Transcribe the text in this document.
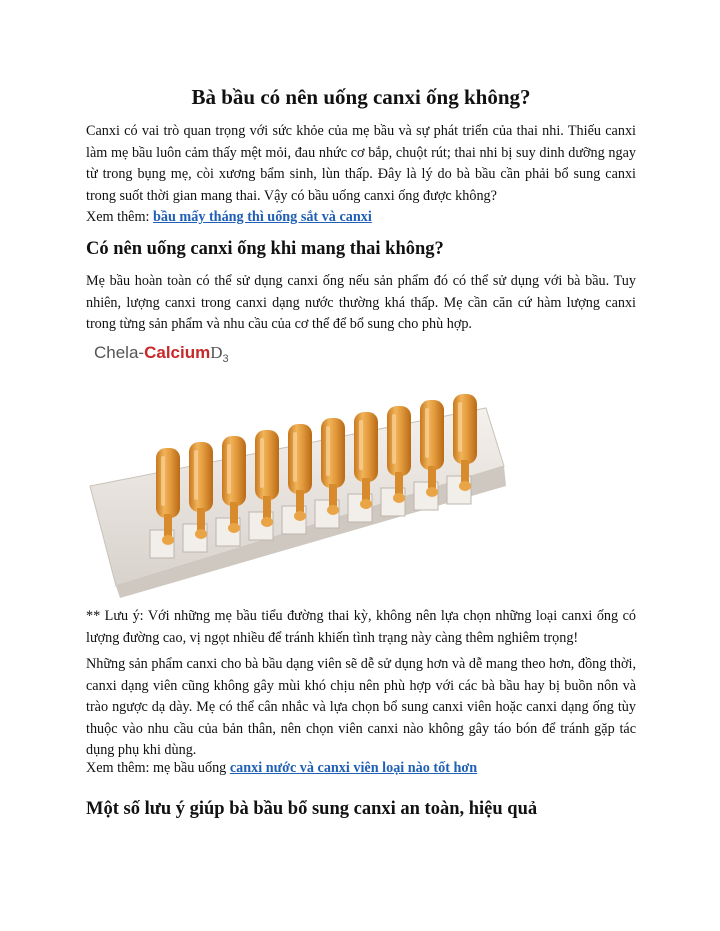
Bà bầu có nên uống canxi ống không?

Canxi có vai trò quan trọng với sức khỏe của mẹ bầu và sự phát triển của thai nhi. Thiếu canxi làm mẹ bầu luôn cảm thấy mệt mỏi, đau nhức cơ bắp, chuột rút; thai nhi bị suy dinh dưỡng ngay từ trong bụng mẹ, còi xương bẩm sinh, lùn thấp. Đây là lý do bà bầu cần phải bổ sung canxi trong suốt thời gian mang thai. Vậy có bầu uống canxi ống được không?

Xem thêm: bầu mấy tháng thì uống sắt và canxi

Có nên uống canxi ống khi mang thai không?

Mẹ bầu hoàn toàn có thể sử dụng canxi ống nếu sản phẩm đó có thể sử dụng với bà bầu. Tuy nhiên, lượng canxi trong canxi dạng nước thường khá thấp. Mẹ cần căn cứ hàm lượng canxi trong từng sản phẩm và nhu cầu của cơ thể để bổ sung cho phù hợp.

Chela-CalciumD$_3$

** Lưu ý: Với những mẹ bầu tiểu đường thai kỳ, không nên lựa chọn những loại canxi ống có lượng đường cao, vị ngọt nhiều để tránh khiến tình trạng này càng thêm nghiêm trọng!

Những sản phẩm canxi cho bà bầu dạng viên sẽ dễ sử dụng hơn và dễ mang theo hơn, đồng thời, canxi dạng viên cũng không gây mùi khó chịu nên phù hợp với các bà bầu hay bị buồn nôn và trào ngược dạ dày. Mẹ có thể cân nhắc và lựa chọn bổ sung canxi viên hoặc canxi dạng ống tùy thuộc vào nhu cầu của bản thân, nên chọn viên canxi nào không gây táo bón để tránh gặp tác dụng phụ khi dùng.

Xem thêm: mẹ bầu uống canxi nước và canxi viên loại nào tốt hơn

Một số lưu ý giúp bà bầu bổ sung canxi an toàn, hiệu quả
